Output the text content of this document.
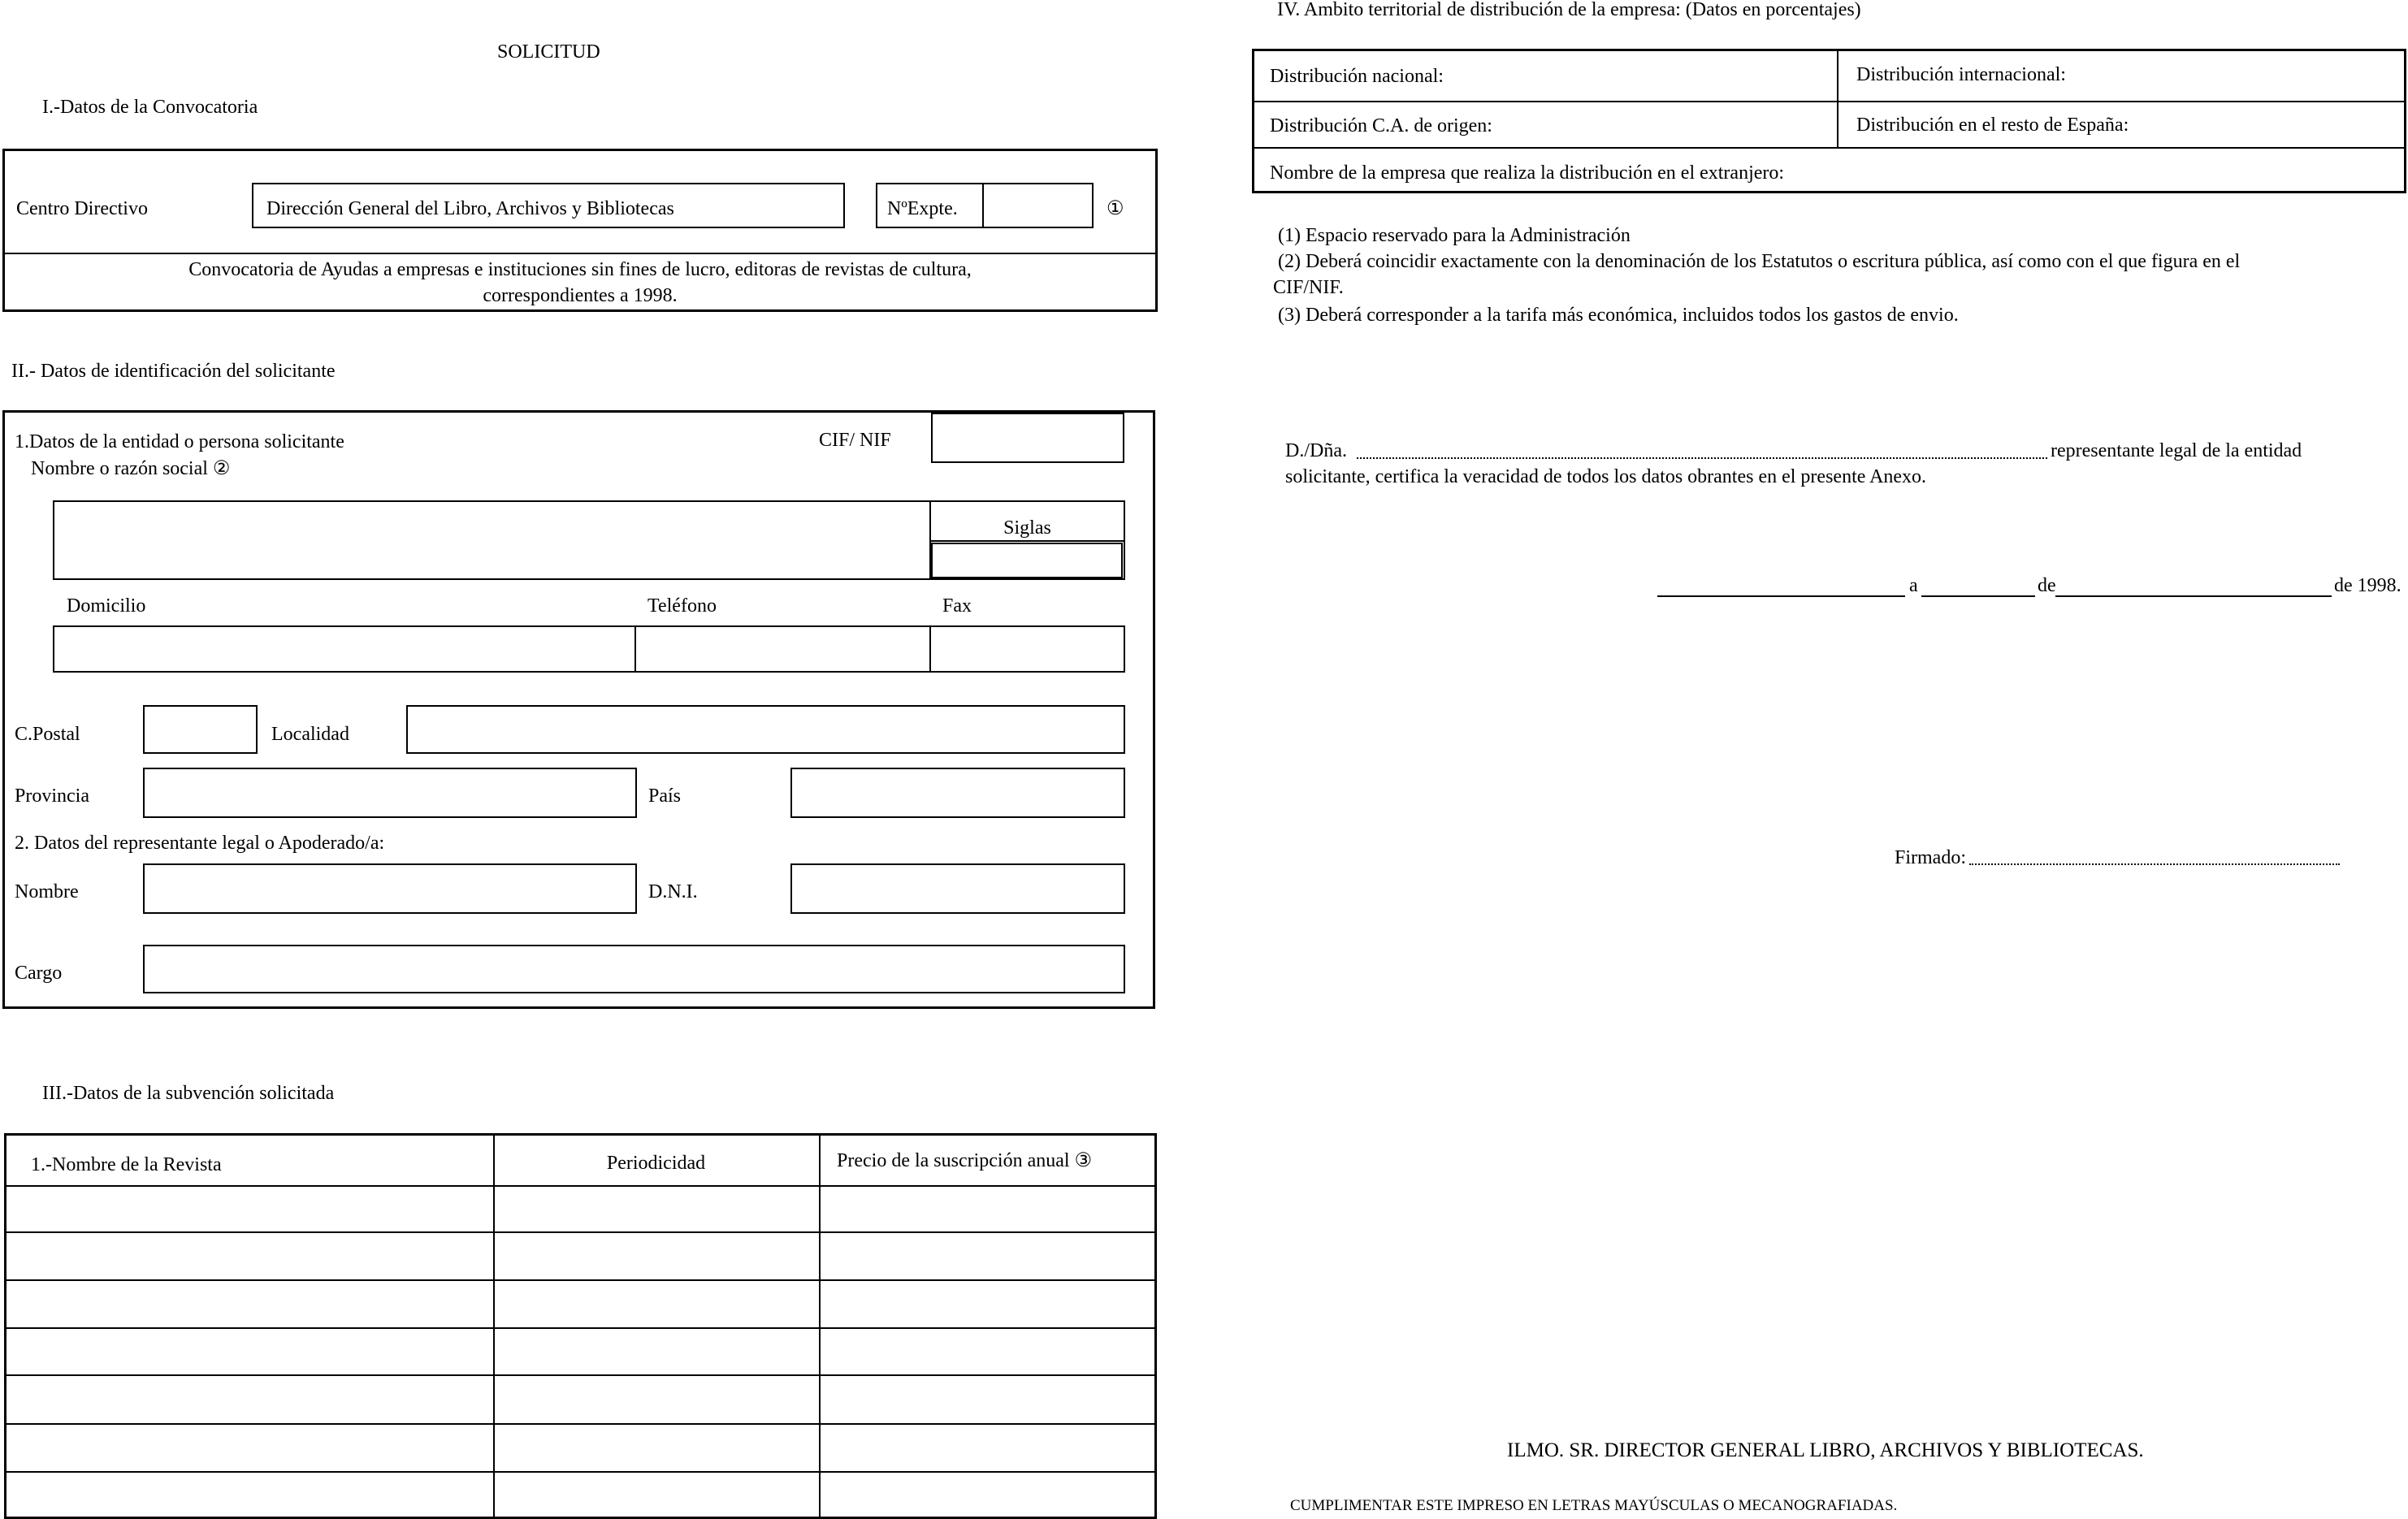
SOLICITUD
I.-Datos de la Convocatoria
Centro Directivo	Dirección General del Libro, Archivos y Bibliotecas	NºExpte.	①
Convocatoria de Ayudas a empresas e instituciones sin fines de lucro, editoras de revistas de cultura,
correspondientes a 1998.
II.- Datos de identificación del solicitante
1.Datos de la entidad o persona solicitante	CIF/ NIF
Nombre o razón social ②
Siglas
Domicilio	Teléfono	Fax
C.Postal	Localidad
Provincia	País
2. Datos del representante legal o Apoderado/a:
Nombre	D.N.I.
Cargo
III.-Datos de la subvención solicitada
1.-Nombre de la Revista	Periodicidad	Precio de la suscripción anual ③
IV. Ambito territorial de distribución de la empresa: (Datos en porcentajes)
Distribución nacional:	Distribución internacional:
Distribución C.A. de origen:	Distribución en el resto de España:
Nombre de la empresa que realiza la distribución en el extranjero:
(1) Espacio reservado para la Administración
(2) Deberá coincidir exactamente con la denominación de los Estatutos o escritura pública, así como con el que figura en el
CIF/NIF.
(3) Deberá corresponder a la tarifa más económica, incluidos todos los gastos de envio.
D./Dña.	representante legal de la entidad
solicitante, certifica la veracidad de todos los datos obrantes en el presente Anexo.
a	de	de 1998.
Firmado:
ILMO. SR. DIRECTOR GENERAL LIBRO, ARCHIVOS Y BIBLIOTECAS.
CUMPLIMENTAR ESTE IMPRESO EN LETRAS MAYÚSCULAS O MECANOGRAFIADAS.
